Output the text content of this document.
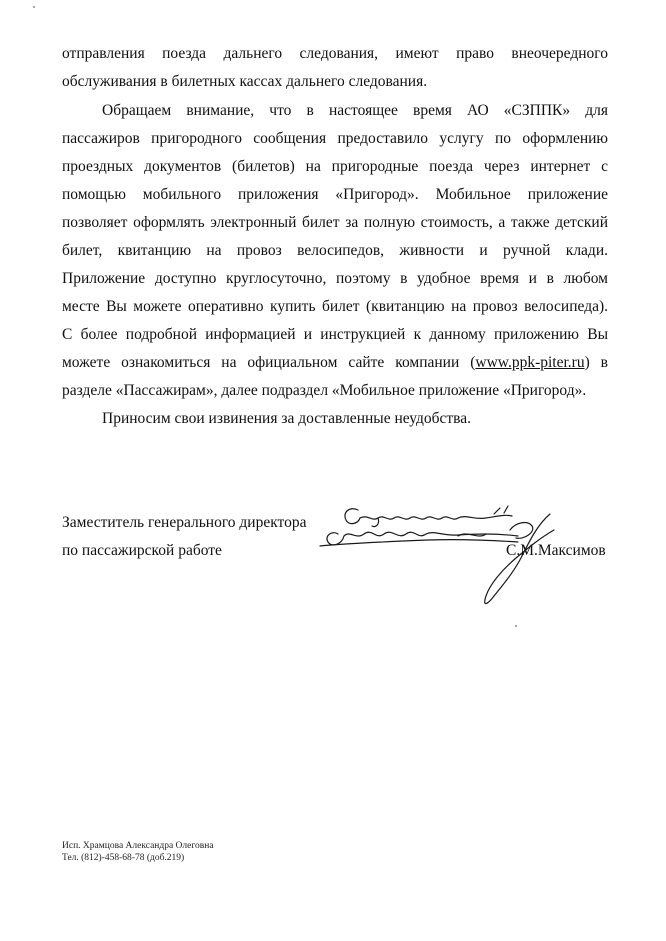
отправления поезда дальнего следования, имеют право внеочередного
обслуживания в билетных кассах дальнего следования.
Обращаем внимание, что в настоящее время АО «СЗППК» для
пассажиров пригородного сообщения предоставило услугу по оформлению
проездных документов (билетов) на пригородные поезда через интернет с
помощью мобильного приложения «Пригород». Мобильное приложение
позволяет оформлять электронный билет за полную стоимость, а также детский
билет, квитанцию на провоз велосипедов, живности и ручной клади.
Приложение доступно круглосуточно, поэтому в удобное время и в любом
месте Вы можете оперативно купить билет (квитанцию на провоз велосипеда).
С более подробной информацией и инструкцией к данному приложению Вы
можете ознакомиться на официальном сайте компании (www.ppk-piter.ru) в
разделе «Пассажирам», далее подраздел «Мобильное приложение «Пригород».
Приносим свои извинения за доставленные неудобства.
Заместитель генерального директора
по пассажирской работе	С.М.Максимов
Исп. Храмцова Александра Олеговна
Тел. (812)-458-68-78 (доб.219)
